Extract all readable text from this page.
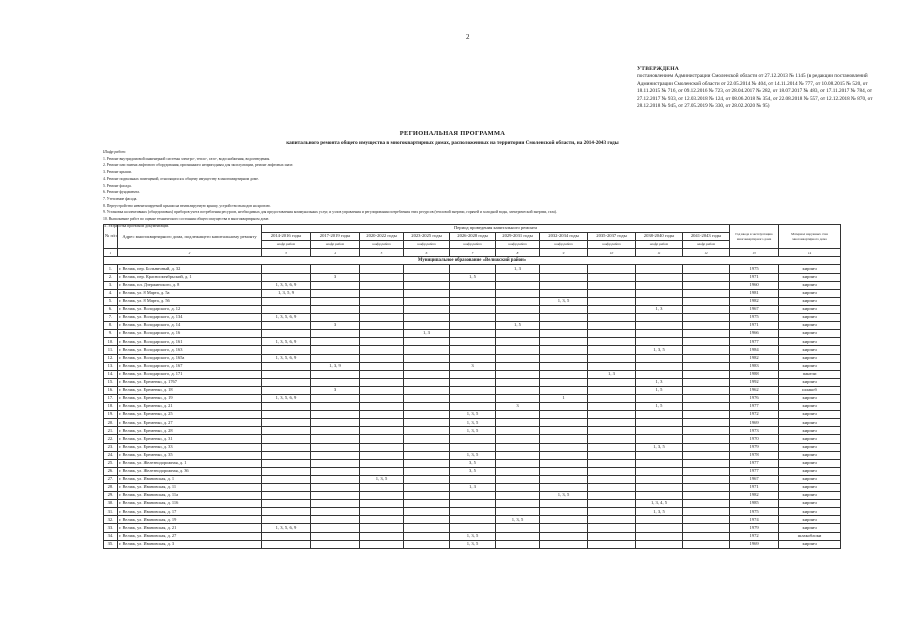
2
УТВЕРЖДЕНА
постановлением Администрации Смоленской области от 27.12.2013 № 1145 (в редакции постановлений Администрации Смоленской области от 22.05.2014 № 404, от 14.11.2014 № 777, от 10.08.2015 № 520, от 18.11.2015 № 716, от 09.12.2016 № 723, от 28.04.2017 № 282, от 18.07.2017 № 483, от 17.11.2017 № 784, от 27.12.2017 № 933, от 12.03.2018 № 124, от 08.06.2018 № 354, от 22.08.2018 № 557, от 12.12.2018 № 870, от 28.12.2018 № 945, от 27.05.2019 № 330, от 28.02.2020 № 95)
РЕГИОНАЛЬНАЯ ПРОГРАММА
капитального ремонта общего имущества в многоквартирных домах, расположенных на территории Смоленской области, на 2014-2043 годы
Шифр работ:
1. Ремонт внутридомовой инженерной системы электро-, тепло-, газо-, водоснабжения, водоотведения.
2. Ремонт или замена лифтового оборудования, признанного непригодным для эксплуатации, ремонт лифтовых шахт.
3. Ремонт крыши.
4. Ремонт подвальных помещений, относящихся к общему имуществу в многоквартирном доме.
5. Ремонт фасада.
6. Ремонт фундамента.
7. Утепление фасада.
8. Переустройство невентилируемой крыши на вентилируемую крышу, устройство выходов на кровлю.
9. Установка коллективных (общедомовых) приборов учета потребления ресурсов, необходимых для предоставления коммунальных услуг, и узлов управления и регулирования потребления этих ресурсов (тепловой энергии, горячей и холодной воды, электрической энергии, газа).
10. Выполнение работ по оценке технического состояния общего имущества в многоквартирном доме.
11. Разработка проектной документации.
№ п/п	Адрес многоквартирного дома, подлежащего капитальному ремонту	Период проведения капитального ремонта										Год ввода в эксплуатацию многоквартирного дома	Материал наружных стен многоквартирного дома
		2014-2016 годы	2017-2019 годы	2020-2022 годы	2023-2025 годы	2026-2028 годы	2029-2031 годы	2032-2034 годы	2035-2037 годы	2038-2040 годы	2041-2043 годы		
		шифр работ	шифр работ	шифр работ	шифр работ	шифр работ	шифр работ	шифр работ	шифр работ	шифр работ	шифр работ		
1	2	3	4	5	6	7	8	9	10	11	12	13	14
Муниципальное образование «Велижский район»													
1.	г. Велиж, пер. Больничный, д. 32						1, 3					1975	кирпич
2.	г. Велиж, пер. Краснооктябрьский, д. 1		3			1, 5						1971	кирпич
3.	г. Велиж, пл. Дзержинского, д. 8	1, 3, 5, 6, 9										1960	кирпич
4.	г. Велиж, ул. 8 Марта, д. 5а	1, 3, 5, 9										1981	кирпич
5.	г. Велиж, ул. 8 Марта, д. 56							1, 3, 5				1982	кирпич
6.	г. Велиж, ул. Володарского, д. 12									1, 3		1967	кирпич
7.	г. Велиж, ул. Володарского, д. 134	1, 3, 5, 6, 9										1975	кирпич
8.	г. Велиж, ул. Володарского, д. 14		3				1, 5					1971	кирпич
9.	г. Велиж, ул. Володарского, д. 16				1, 3							1966	кирпич
10.	г. Велиж, ул. Володарского, д. 161	1, 3, 5, 6, 9										1977	кирпич
11.	г. Велиж, ул. Володарского, д. 163									1, 3, 5		1984	кирпич
12.	г. Велиж, ул. Володарского, д. 165а	1, 3, 5, 6, 9										1982	кирпич
13.	г. Велиж, ул. Володарского, д. 167		1, 3, 9			3						1983	кирпич
14.	г. Велиж, ул. Володарского, д. 171								1, 3			1988	панели
15.	г. Велиж, ул. Еременко, д. 1767									1, 3		1992	кирпич
16.	г. Велиж, ул. Еременко, д. 18		3							1, 5		1962	шлакоб
17.	г. Велиж, ул. Еременко, д. 19	1, 3, 5, 6, 9						1				1976	кирпич
18.	г. Велиж, ул. Еременко, д. 21						3			1, 5		1977	кирпич
19.	г. Велиж, ул. Еременко, д. 25					1, 3, 5						1972	кирпич
20.	г. Велиж, ул. Еременко, д. 27					1, 3, 5						1969	кирпич
21.	г. Велиж, ул. Еременко, д. 28					1, 3, 5						1973	кирпич
22.	г. Велиж, ул. Еременко, д. 31											1970	кирпич
23.	г. Велиж, ул. Еременко, д. 33									1, 3, 5		1979	кирпич
24.	г. Велиж, ул. Еременко, д. 35					1, 3, 5						1978	кирпич
25.	г. Велиж, ул. Железнодорожная, д. 1					3, 5						1977	кирпич
26.	г. Велиж, ул. Железнодорожная, д. 36					3, 5						1977	кирпич
27.	г. Велиж, ул. Ивановская, д. 1			1, 3, 5								1967	кирпич
28.	г. Велиж, ул. Ивановская, д. 11					1, 3						1971	кирпич
29.	г. Велиж, ул. Ивановская, д. 11а							1, 3, 5				1982	кирпич
30.	г. Велиж, ул. Ивановская, д. 116									1, 3, 4, 5		1985	кирпич
31.	г. Велиж, ул. Ивановская, д. 17									1, 3, 5		1975	кирпич
32.	г. Велиж, ул. Ивановская, д. 19						1, 3, 5					1974	кирпич
33.	г. Велиж, ул. Ивановская, д. 21	1, 3, 5, 6, 9										1979	кирпич
34.	г. Велиж, ул. Ивановская, д. 27					1, 3, 5						1972	шлакоблоки
35.	г. Велиж, ул. Ивановская, д. 3					1, 3, 5						1969	кирпич
